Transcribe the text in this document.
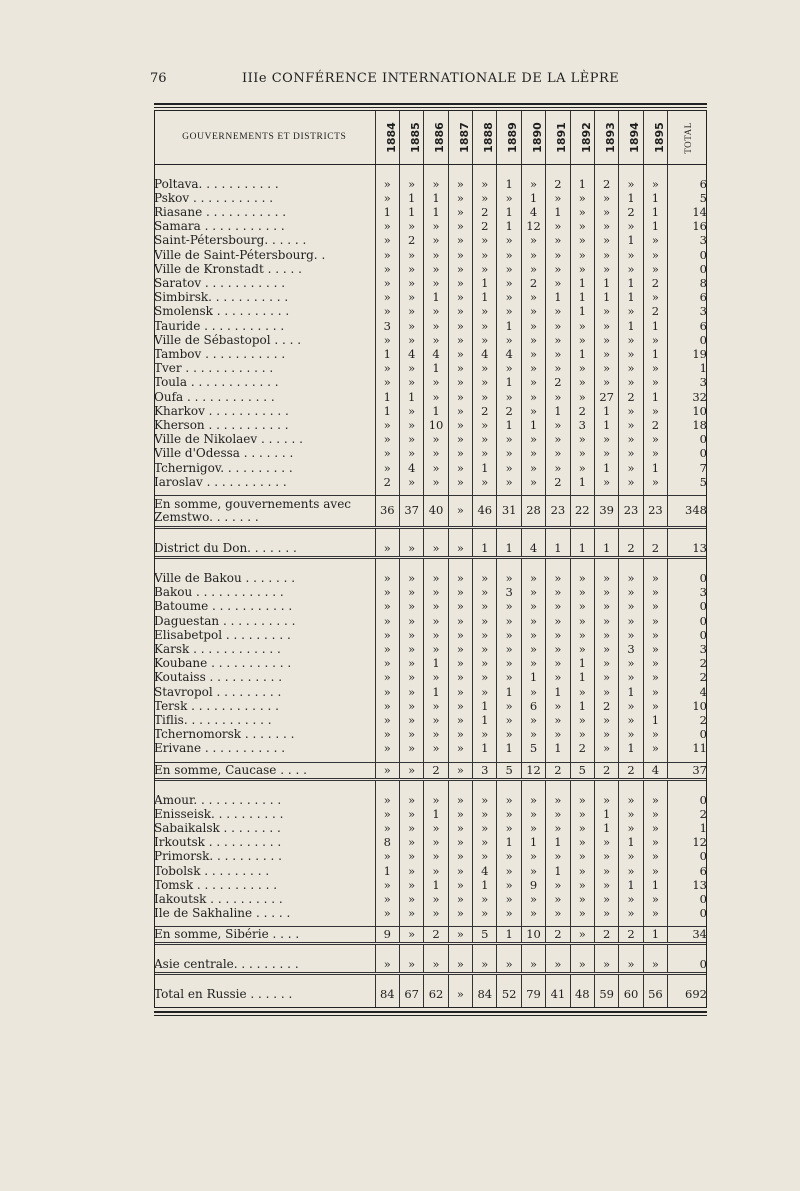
76	IIIe CONFÉRENCE INTERNATIONALE DE LA LÈPRE
GOUVERNEMENTS ET DISTRICTS	1884	1885	1886	1887	1888	1889	1890	1891	1892	1893	1894	1895	TOTAL

Poltava. . . . . . . . . . .	»	»	»	»	»	1	»	2	1	2	»	»	6
Pskov . . . . . . . . . . .	»	1	1	»	»	»	1	»	»	»	1	1	5
Riasane . . . . . . . . . . .	1	1	1	»	2	1	4	1	»	»	2	1	14
Samara . . . . . . . . . . .	»	»	»	»	2	1	12	»	»	»	»	1	16
Saint-Pétersbourg. . . . . .	»	2	»	»	»	»	»	»	»	»	1	»	3
Ville de Saint-Pétersbourg. .	»	»	»	»	»	»	»	»	»	»	»	»	0
Ville de Kronstadt . . . . .	»	»	»	»	»	»	»	»	»	»	»	»	0
Saratov . . . . . . . . . . .	»	»	»	»	1	»	2	»	1	1	1	2	8
Simbirsk. . . . . . . . . . .	»	»	1	»	1	»	»	1	1	1	1	»	6
Smolensk . . . . . . . . . .	»	»	»	»	»	»	»	»	1	»	»	2	3
Tauride . . . . . . . . . . .	3	»	»	»	»	1	»	»	»	»	1	1	6
Ville de Sébastopol . . . .	»	»	»	»	»	»	»	»	»	»	»	»	0
Tambov . . . . . . . . . . .	1	4	4	»	4	4	»	»	1	»	»	1	19
Tver . . . . . . . . . . . .	»	»	1	»	»	»	»	»	»	»	»	»	1
Toula . . . . . . . . . . . .	»	»	»	»	»	1	»	2	»	»	»	»	3
Oufa . . . . . . . . . . . .	1	1	»	»	»	»	»	»	»	27	2	1	32
Kharkov . . . . . . . . . . .	1	»	1	»	2	2	»	1	2	1	»	»	10
Kherson . . . . . . . . . . .	»	»	10	»	»	1	1	»	3	1	»	2	18
Ville de Nikolaev . . . . . .	»	»	»	»	»	»	»	»	»	»	»	»	0
Ville d'Odessa . . . . . . .	»	»	»	»	»	»	»	»	»	»	»	»	0
Tchernigov. . . . . . . . . .	»	4	»	»	1	»	»	»	»	1	»	1	7
Iaroslav . . . . . . . . . . .	2	»	»	»	»	»	»	2	1	»	»	»	5

En somme, gouvernements avec Zemstwo. . . . . . .	36	37	40	»	46	31	28	23	22	39	23	23	348

District du Don. . . . . . .	»	»	»	»	1	1	4	1	1	1	2	2	13

Ville de Bakou . . . . . . .	»	»	»	»	»	»	»	»	»	»	»	»	0
Bakou . . . . . . . . . . . .	»	»	»	»	»	3	»	»	»	»	»	»	3
Batoume . . . . . . . . . . .	»	»	»	»	»	»	»	»	»	»	»	»	0
Daguestan . . . . . . . . . .	»	»	»	»	»	»	»	»	»	»	»	»	0
Elisabetpol . . . . . . . . .	»	»	»	»	»	»	»	»	»	»	»	»	0
Karsk . . . . . . . . . . . .	»	»	»	»	»	»	»	»	»	»	3	»	3
Koubane . . . . . . . . . . .	»	»	1	»	»	»	»	»	1	»	»	»	2
Koutaiss . . . . . . . . . .	»	»	»	»	»	»	1	»	1	»	»	»	2
Stavropol . . . . . . . . .	»	»	1	»	»	1	»	1	»	»	1	»	4
Tersk . . . . . . . . . . . .	»	»	»	»	1	»	6	»	1	2	»	»	10
Tiflis. . . . . . . . . . . .	»	»	»	»	1	»	»	»	»	»	»	1	2
Tchernomorsk . . . . . . .	»	»	»	»	»	»	»	»	»	»	»	»	0
Erivane . . . . . . . . . . .	»	»	»	»	1	1	5	1	2	»	1	»	11

En somme, Caucase . . . .	»	»	2	»	3	5	12	2	5	2	2	4	37

Amour. . . . . . . . . . . .	»	»	»	»	»	»	»	»	»	»	»	»	0
Enisseisk. . . . . . . . . .	»	»	1	»	»	»	»	»	»	1	»	»	2
Sabaikalsk . . . . . . . .	»	»	»	»	»	»	»	»	»	1	»	»	1
Irkoutsk . . . . . . . . . .	8	»	»	»	»	1	1	1	»	»	1	»	12
Primorsk. . . . . . . . . .	»	»	»	»	»	»	»	»	»	»	»	»	0
Tobolsk . . . . . . . . .	1	»	»	»	4	»	»	1	»	»	»	»	6
Tomsk . . . . . . . . . . .	»	»	1	»	1	»	9	»	»	»	1	1	13
Iakoutsk . . . . . . . . . .	»	»	»	»	»	»	»	»	»	»	»	»	0
Ile de Sakhaline . . . . .	»	»	»	»	»	»	»	»	»	»	»	»	0

En somme, Sibérie . . . .	9	»	2	»	5	1	10	2	»	2	2	1	34

Asie centrale. . . . . . . . .	»	»	»	»	»	»	»	»	»	»	»	»	0

Total en Russie . . . . . .	84	67	62	»	84	52	79	41	48	59	60	56	692
